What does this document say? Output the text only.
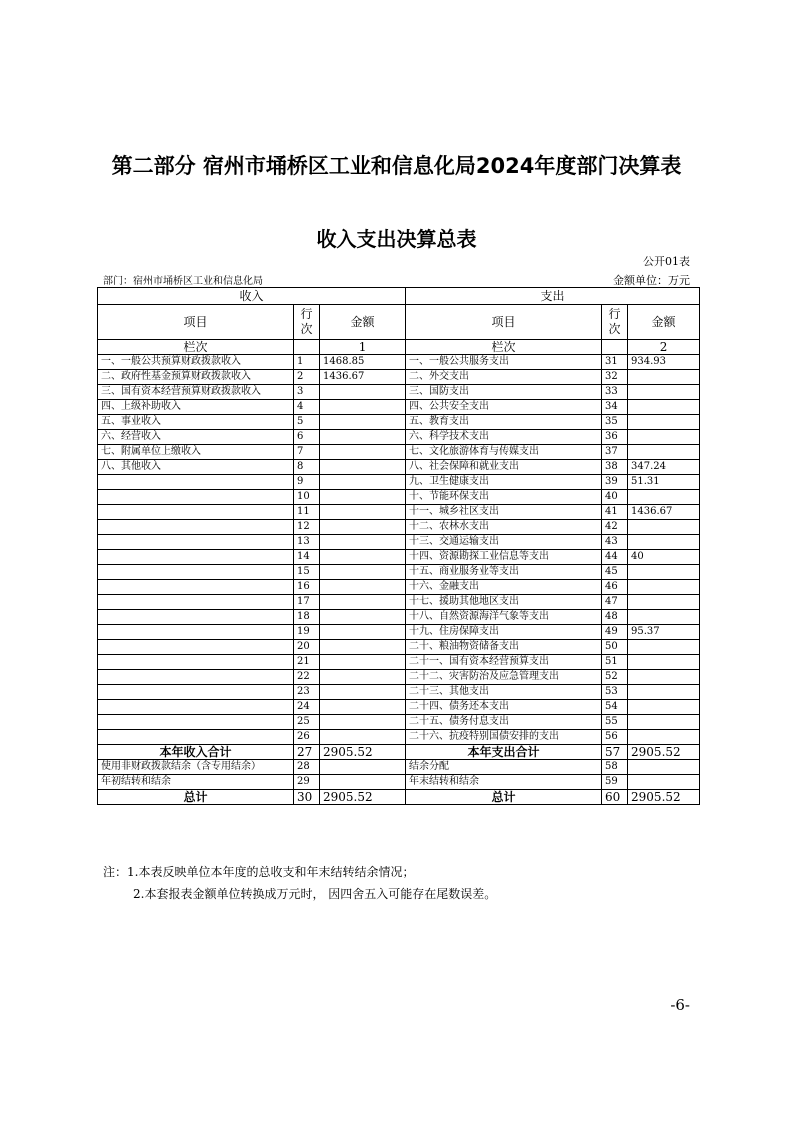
第二部分 宿州市埇桥区工业和信息化局2024年度部门决算表
收入支出决算总表
公开01表
部门：宿州市埇桥区工业和信息化局	金额单位：万元
收入			支出		
项目	行次	金额	项目	行次	金额
栏次		1	栏次		2
一、一般公共预算财政拨款收入	1	1468.85	一、一般公共服务支出	31	934.93
二、政府性基金预算财政拨款收入	2	1436.67	二、外交支出	32	
三、国有资本经营预算财政拨款收入	3		三、国防支出	33	
四、上级补助收入	4		四、公共安全支出	34	
五、事业收入	5		五、教育支出	35	
六、经营收入	6		六、科学技术支出	36	
七、附属单位上缴收入	7		七、文化旅游体育与传媒支出	37	
八、其他收入	8		八、社会保障和就业支出	38	347.24
	9		九、卫生健康支出	39	51.31
	10		十、节能环保支出	40	
	11		十一、城乡社区支出	41	1436.67
	12		十二、农林水支出	42	
	13		十三、交通运输支出	43	
	14		十四、资源勘探工业信息等支出	44	40
	15		十五、商业服务业等支出	45	
	16		十六、金融支出	46	
	17		十七、援助其他地区支出	47	
	18		十八、自然资源海洋气象等支出	48	
	19		十九、住房保障支出	49	95.37
	20		二十、粮油物资储备支出	50	
	21		二十一、国有资本经营预算支出	51	
	22		二十二、灾害防治及应急管理支出	52	
	23		二十三、其他支出	53	
	24		二十四、债务还本支出	54	
	25		二十五、债务付息支出	55	
	26		二十六、抗疫特别国债安排的支出	56	
本年收入合计	27	2905.52	本年支出合计	57	2905.52
使用非财政拨款结余（含专用结余）	28		结余分配	58	
年初结转和结余	29		年末结转和结余	59	
总计	30	2905.52	总计	60	2905.52
注：1.本表反映单位本年度的总收支和年末结转结余情况；
2.本套报表金额单位转换成万元时， 因四舍五入可能存在尾数误差。
-6-
